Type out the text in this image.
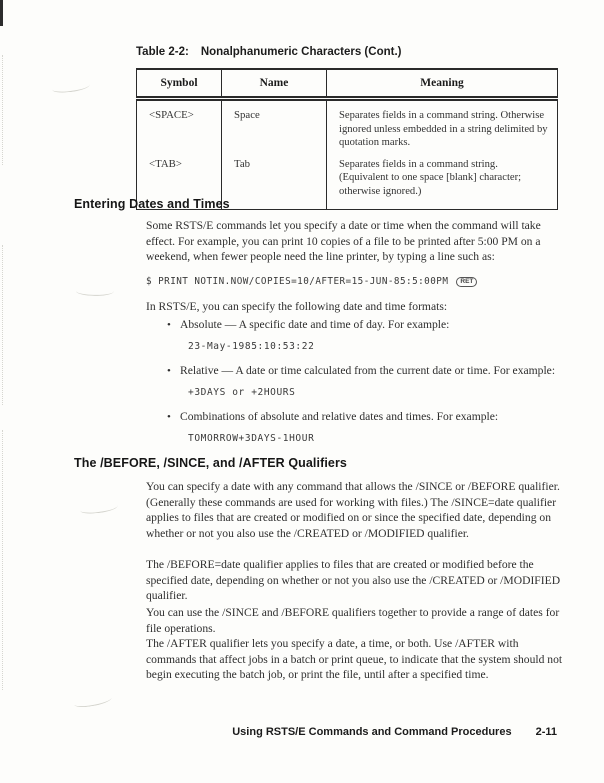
Table 2-2: Nonalphanumeric Characters (Cont.)
Symbol	Name	Meaning
<SPACE>	Space	Separates fields in a command string. Otherwise ignored unless embedded in a string delimited by quotation marks.
<TAB>	Tab	Separates fields in a command string. (Equivalent to one space [blank] character; otherwise ignored.)
Entering Dates and Times
Some RSTS/E commands let you specify a date or time when the command will take effect. For example, you can print 10 copies of a file to be printed after 5:00 PM on a weekend, when fewer people need the line printer, by typing a line such as:
$ PRINT NOTIN.NOW/COPIES=10/AFTER=15-JUN-85:5:00PM	RET
In RSTS/E, you can specify the following date and time formats:
•
Absolute — A specific date and time of day. For example:
23-May-1985:10:53:22
•
Relative — A date or time calculated from the current date or time. For example:
+3DAYS or +2HOURS
•
Combinations of absolute and relative dates and times. For example:
TOMORROW+3DAYS-1HOUR
The /BEFORE, /SINCE, and /AFTER Qualifiers
You can specify a date with any command that allows the /SINCE or /BEFORE qualifier. (Generally these commands are used for working with files.) The /SINCE=date qualifier applies to files that are created or modified on or since the specified date, depending on whether or not you also use the /CREATED or /MODIFIED qualifier.
The /BEFORE=date qualifier applies to files that are created or modified before the specified date, depending on whether or not you also use the /CREATED or /MODIFIED qualifier.
You can use the /SINCE and /BEFORE qualifiers together to provide a range of dates for file operations.
The /AFTER qualifier lets you specify a date, a time, or both. Use /AFTER with commands that affect jobs in a batch or print queue, to indicate that the system should not begin executing the batch job, or print the file, until after a specified time.
Using RSTS/E Commands and Command Procedures 2-11
